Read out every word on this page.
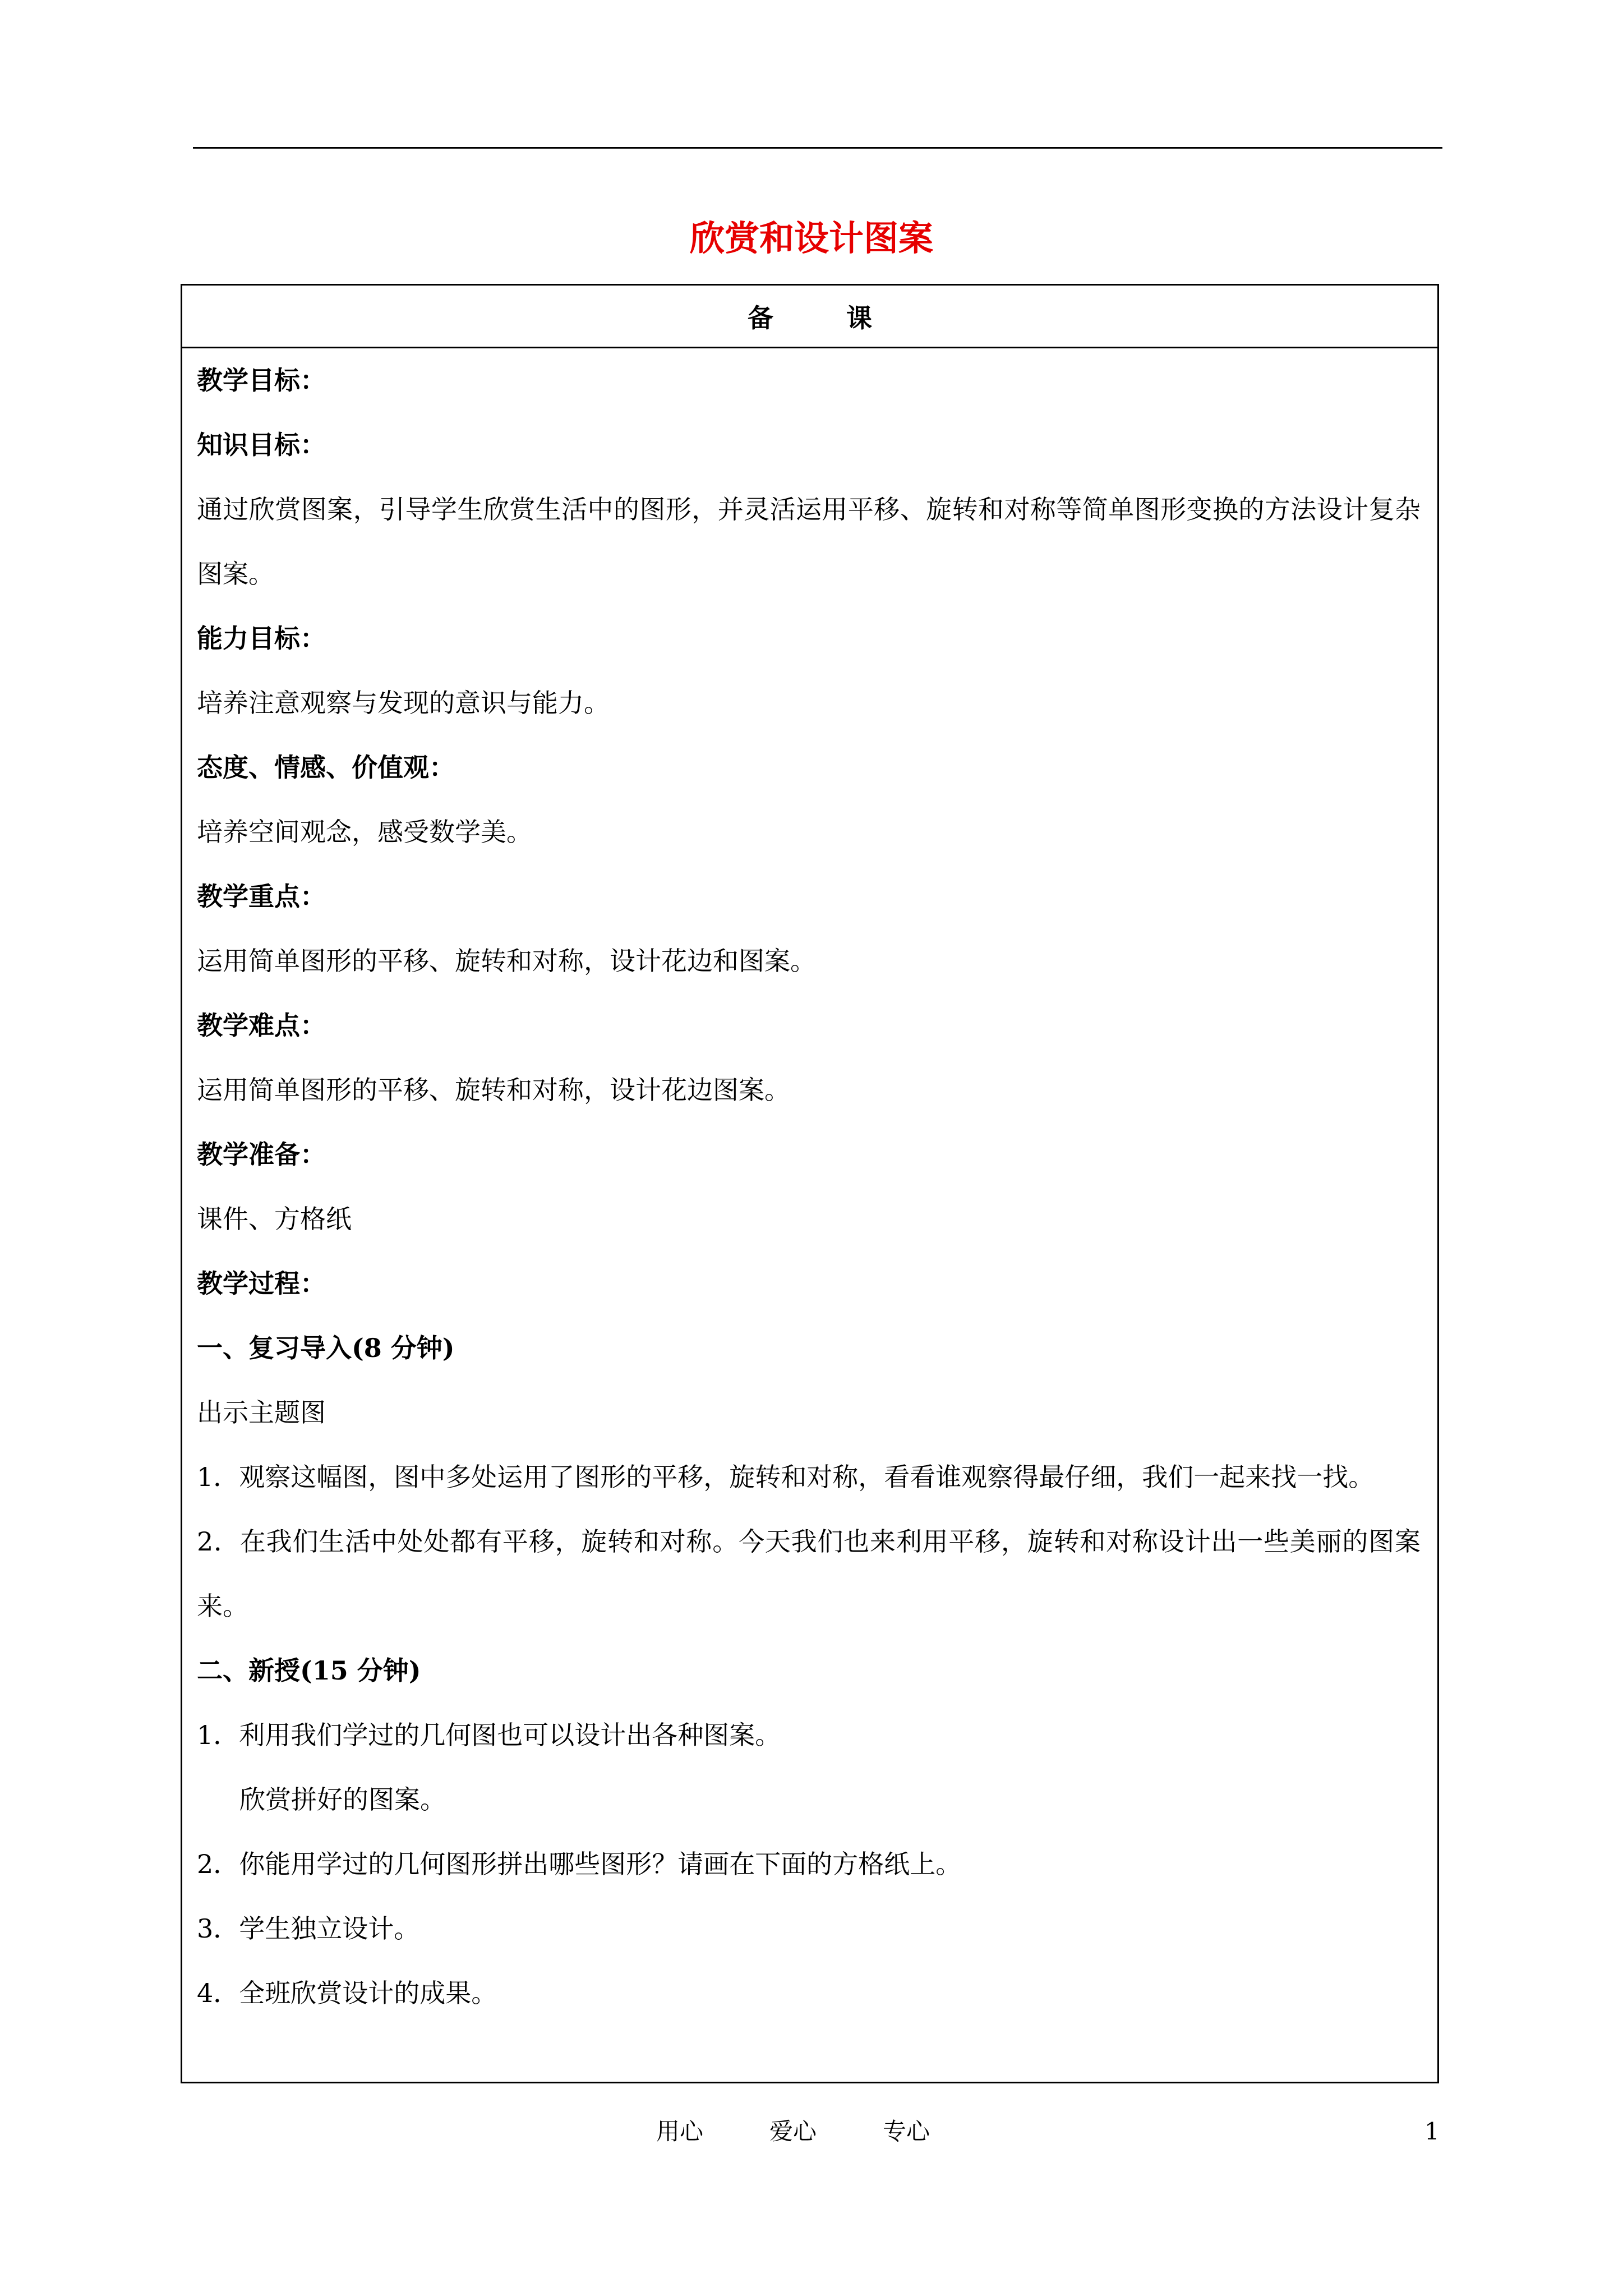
欣赏和设计图案
备课
教学目标：
知识目标：
通过欣赏图案，引导学生欣赏生活中的图形，并灵活运用平移、旋转和对称等简单图形变换的方法设计复杂图案。
能力目标：
培养注意观察与发现的意识与能力。
态度、情感、价值观：
培养空间观念，感受数学美。
教学重点：
运用简单图形的平移、旋转和对称，设计花边和图案。
教学难点：
运用简单图形的平移、旋转和对称，设计花边图案。
教学准备：
课件、方格纸
教学过程：
一、复习导入(8 分钟)
出示主题图
1．观察这幅图，图中多处运用了图形的平移，旋转和对称，看看谁观察得最仔细，我们一起来找一找。
2．在我们生活中处处都有平移，旋转和对称。今天我们也来利用平移，旋转和对称设计出一些美丽的图案来。
二、新授(15 分钟)
1．利用我们学过的几何图也可以设计出各种图案。
欣赏拼好的图案。
2．你能用学过的几何图形拼出哪些图形？请画在下面的方格纸上。
3．学生独立设计。
4．全班欣赏设计的成果。
用心	爱心	专心	1
